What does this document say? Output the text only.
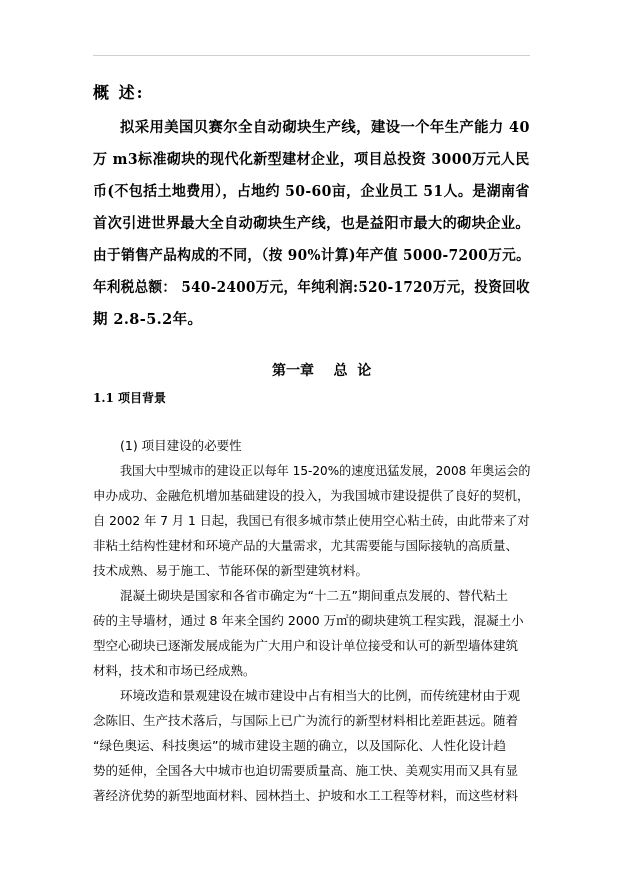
概 述:
拟采用美国贝赛尔全自动砌块生产线，建设一个年生产能力 40
万 m3标准砌块的现代化新型建材企业，项目总投资 3000万元人民
币(不包括土地费用），占地约 50-60亩，企业员工 51人。是湖南省
首次引进世界最大全自动砌块生产线，也是益阳市最大的砌块企业。
由于销售产品构成的不同，（按 90%计算)年产值 5000-7200万元。
年利税总额： 540-2400万元，年纯利润:520-1720万元，投资回收
期 2.8-5.2年。
第一章    总  论
1.1 项目背景
(1) 项目建设的必要性
我国大中型城市的建设正以每年 15-20%的速度迅猛发展，2008 年奥运会的
申办成功、金融危机增加基础建设的投入，为我国城市建设提供了良好的契机，
自 2002 年 7 月 1 日起，我国已有很多城市禁止使用空心粘土砖，由此带来了对
非粘土结构性建材和环境产品的大量需求，尤其需要能与国际接轨的高质量、
技术成熟、易于施工、节能环保的新型建筑材料。
混凝土砌块是国家和各省市确定为“十二五”期间重点发展的、替代粘土
砖的主导墙材，通过 8 年来全国约 2000 万㎡的砌块建筑工程实践，混凝土小
型空心砌块已逐渐发展成能为广大用户和设计单位接受和认可的新型墙体建筑
材料，技术和市场已经成熟。
环境改造和景观建设在城市建设中占有相当大的比例，而传统建材由于观
念陈旧、生产技术落后，与国际上已广为流行的新型材料相比差距甚远。随着
“绿色奥运、科技奥运”的城市建设主题的确立，以及国际化、人性化设计趋
势的延伸，全国各大中城市也迫切需要质量高、施工快、美观实用而又具有显
著经济优势的新型地面材料、园林挡土、护坡和水工工程等材料，而这些材料
